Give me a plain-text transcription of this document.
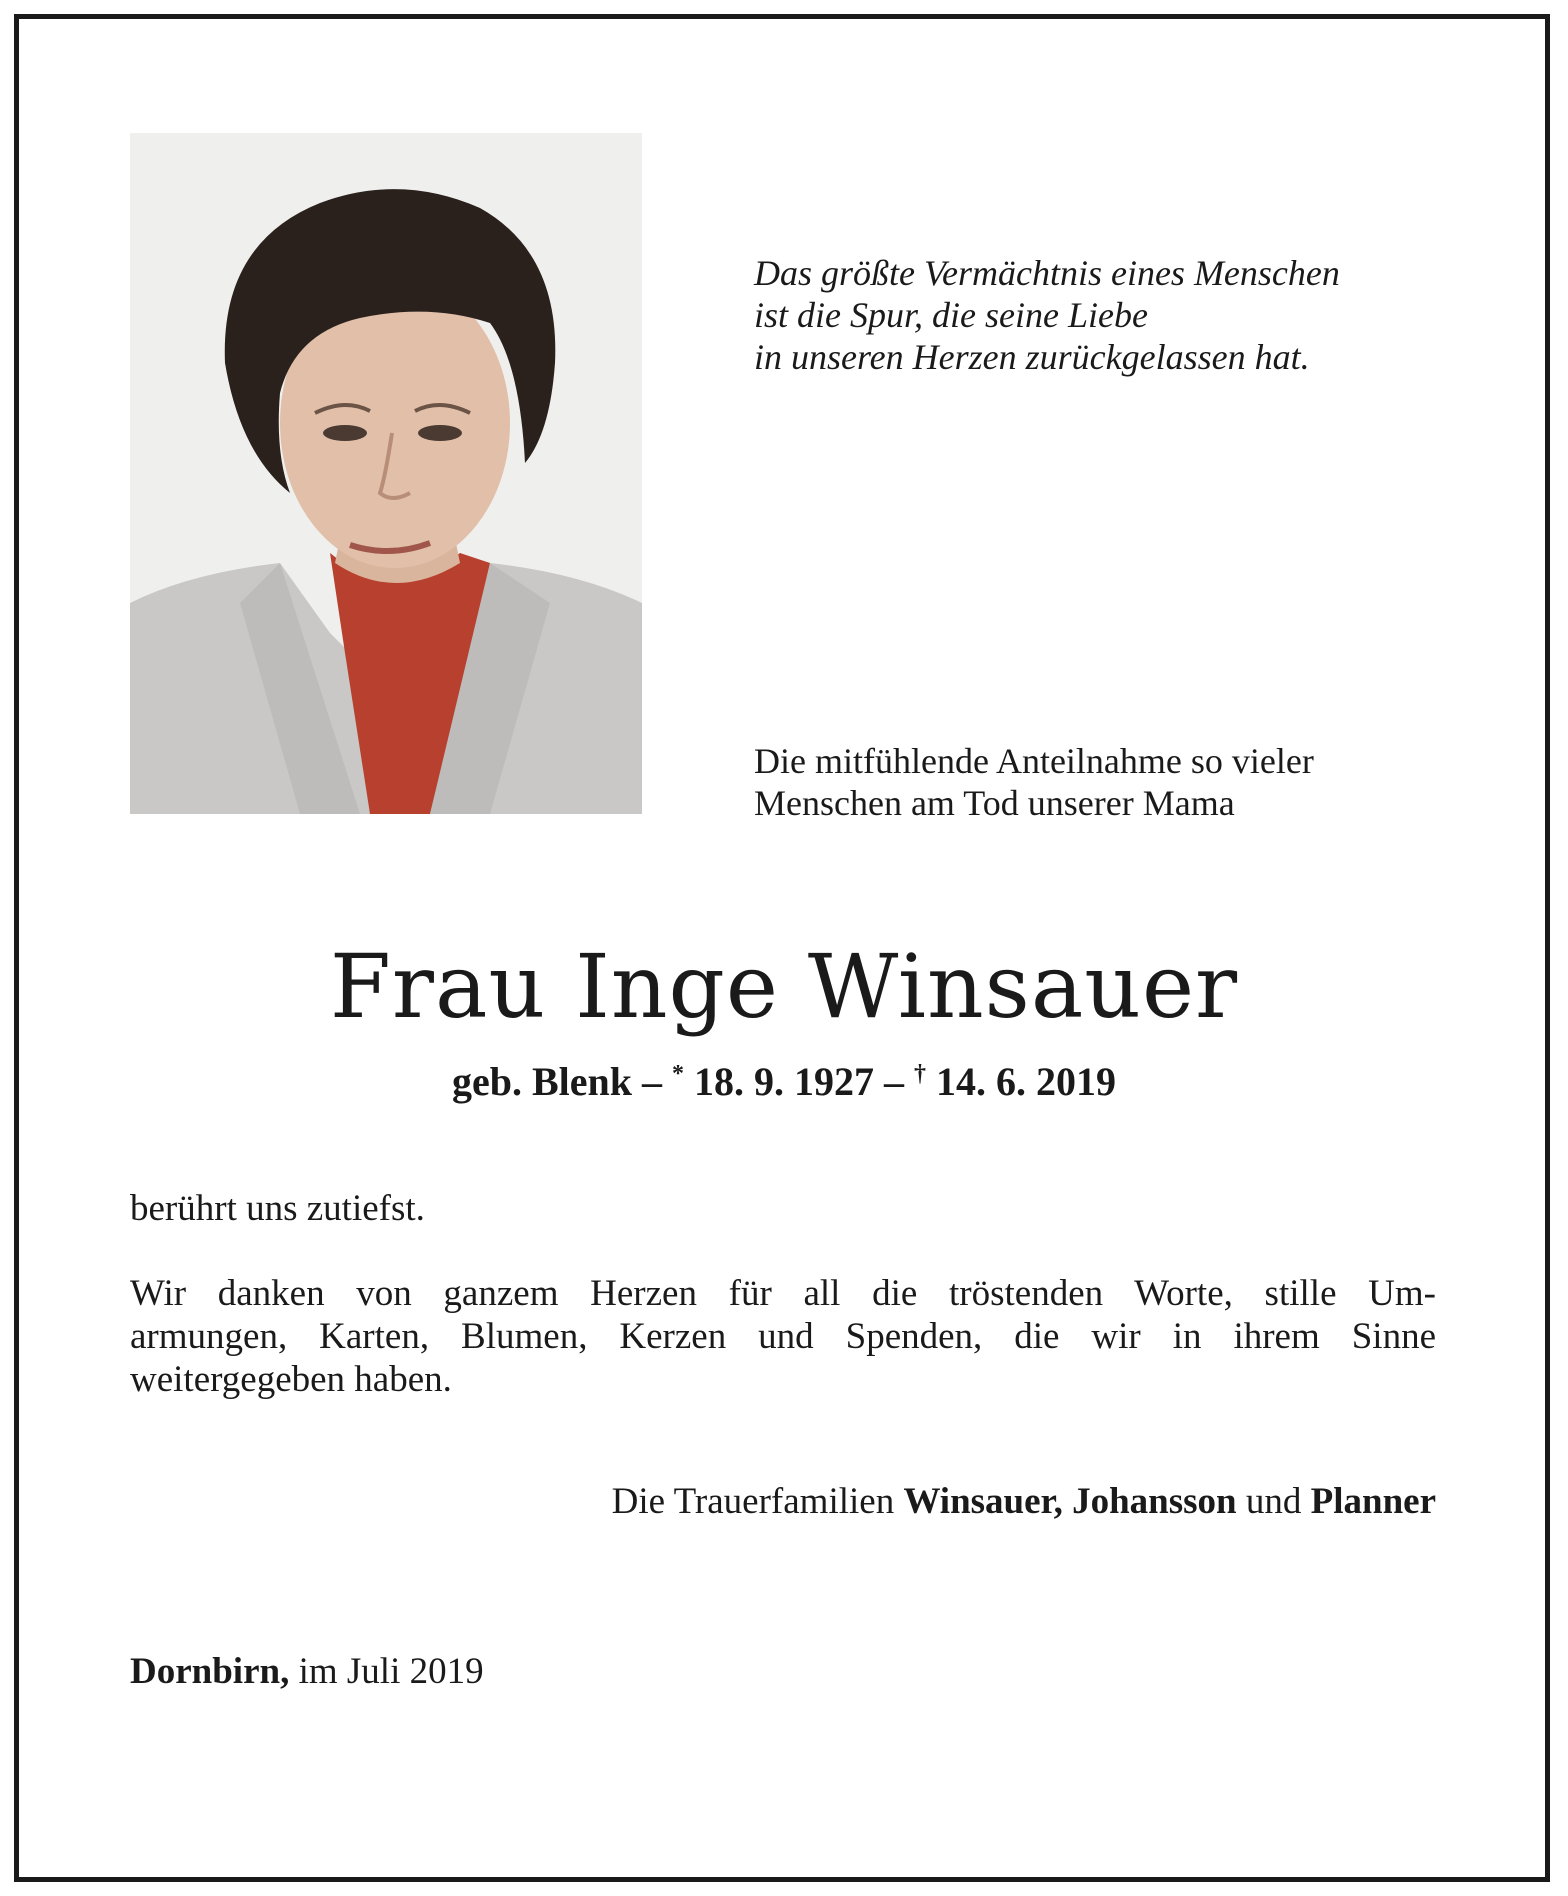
Das größte Vermächtnis eines Menschen
ist die Spur, die seine Liebe
in unseren Herzen zurückgelassen hat.
Die mitfühlende Anteilnahme so vieler
Menschen am Tod unserer Mama
Frau Inge Winsauer
geb. Blenk – * 18. 9. 1927 – † 14. 6. 2019
berührt uns zutiefst.
Wir danken von ganzem Herzen für all die tröstenden Worte, stille Um-
armungen, Karten, Blumen, Kerzen und Spenden, die wir in ihrem Sinne
weitergegeben haben.
Die Trauerfamilien Winsauer, Johansson und Planner
Dornbirn, im Juli 2019
